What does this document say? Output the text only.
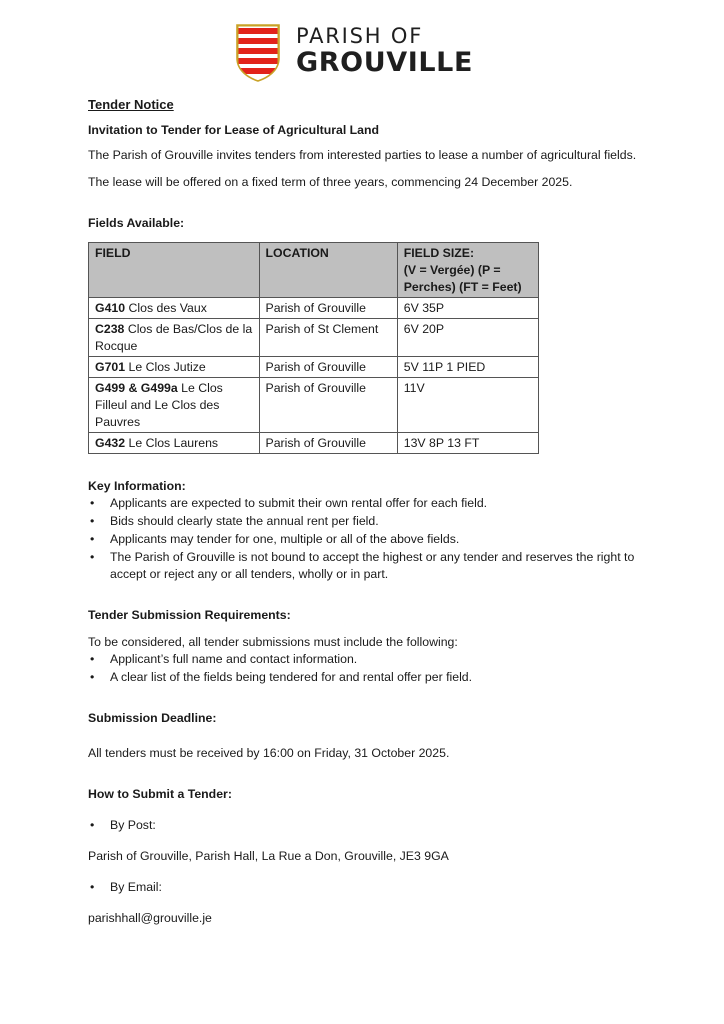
PARISH OF
GROUVILLE
Tender Notice

Invitation to Tender for Lease of Agricultural Land

The Parish of Grouville invites tenders from interested parties to lease a number of agricultural fields.

The lease will be offered on a fixed term of three years, commencing 24 December 2025.

Fields Available:

FIELD	LOCATION	FIELD SIZE:
(V = Vergée) (P = Perches) (FT = Feet)

G410 Clos des Vaux	Parish of Grouville	6V 35P
C238 Clos de Bas/Clos de la Rocque	Parish of St Clement	6V 20P
G701 Le Clos Jutize	Parish of Grouville	5V 11P 1 PIED
G499 & G499a Le Clos Filleul and Le Clos des Pauvres	Parish of Grouville	11V
G432 Le Clos Laurens	Parish of Grouville	13V 8P 13 FT

Key Information:

• Applicants are expected to submit their own rental offer for each field.
• Bids should clearly state the annual rent per field.
• Applicants may tender for one, multiple or all of the above fields.
• The Parish of Grouville is not bound to accept the highest or any tender and reserves the right to accept or reject any or all tenders, wholly or in part.

Tender Submission Requirements:

To be considered, all tender submissions must include the following:

• Applicant’s full name and contact information.
• A clear list of the fields being tendered for and rental offer per field.

Submission Deadline:

All tenders must be received by 16:00 on Friday, 31 October 2025.

How to Submit a Tender:

• By Post:

Parish of Grouville, Parish Hall, La Rue a Don, Grouville, JE3 9GA

• By Email:

parishhall@grouville.je
